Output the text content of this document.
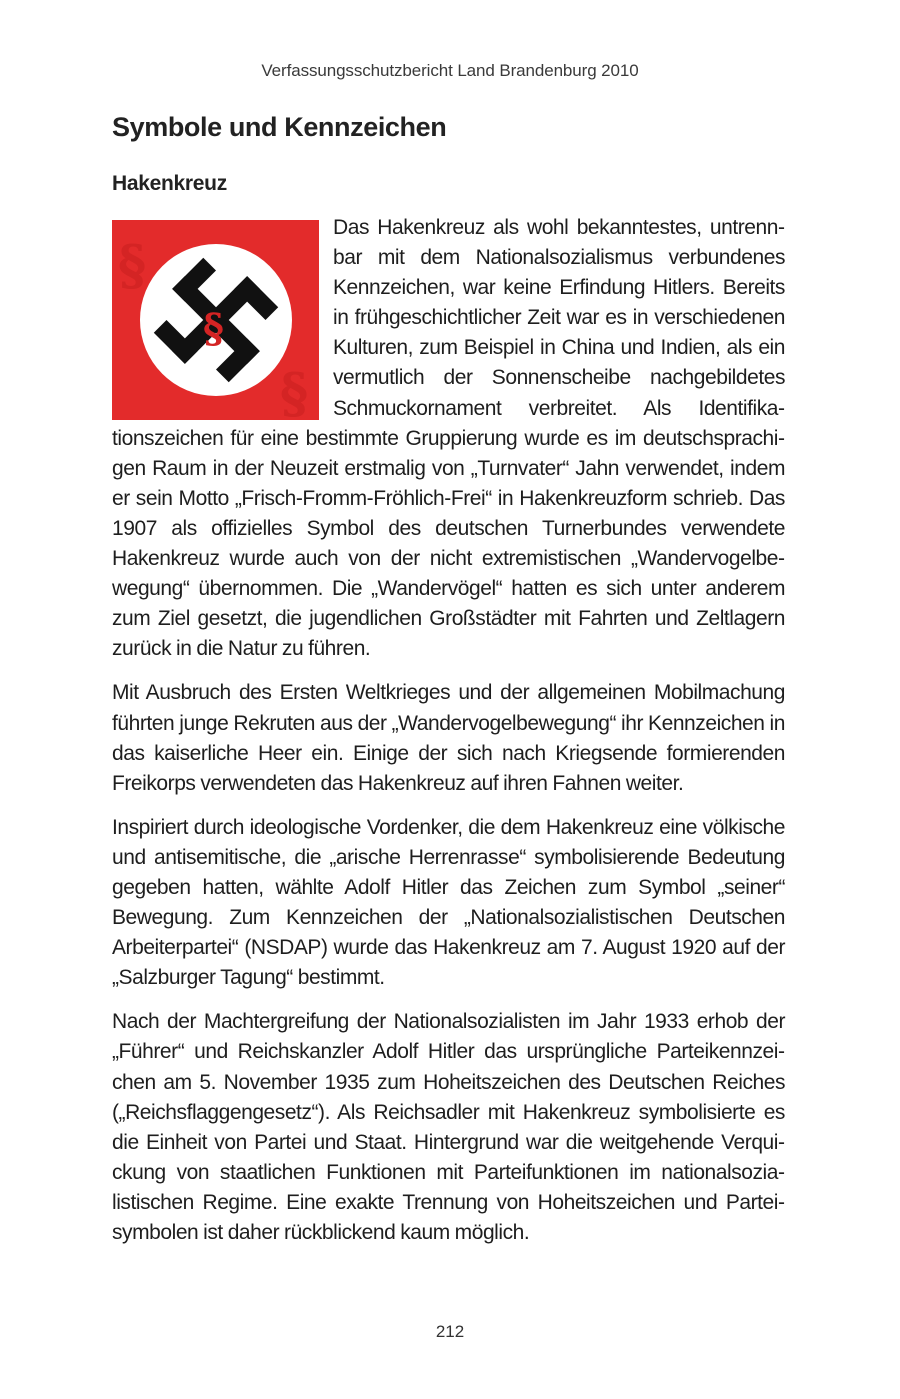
Verfassungsschutzbericht Land Brandenburg 2010
Symbole und Kennzeichen
Hakenkreuz
§
§
§

Das Hakenkreuz als wohl bekanntestes, untrennbar mit dem Nationalsozialismus verbundenes Kennzeichen, war keine Erfindung Hitlers. Bereits in frühgeschichtlicher Zeit war es in verschiedenen Kulturen, zum Beispiel in China und Indien, als ein vermutlich der Sonnenscheibe nachgebildetes Schmuckornament verbreitet. Als Identifikationszeichen für eine bestimmte Gruppierung wurde es im deutschsprachigen Raum in der Neuzeit erstmalig von „Turnvater“ Jahn verwendet, indem er sein Motto „Frisch-Fromm-Fröhlich-Frei“ in Hakenkreuzform schrieb. Das 1907 als offizielles Symbol des deutschen Turnerbundes verwendete Hakenkreuz wurde auch von der nicht extremistischen „Wandervogelbewegung“ übernommen. Die „Wandervögel“ hatten es sich unter anderem zum Ziel gesetzt, die jugendlichen Großstädter mit Fahrten und Zeltlagern zurück in die Natur zu führen.

Mit Ausbruch des Ersten Weltkrieges und der allgemeinen Mobilmachung führten junge Rekruten aus der „Wandervogelbewegung“ ihr Kennzeichen in das kaiserliche Heer ein. Einige der sich nach Kriegsende formierenden Freikorps verwendeten das Hakenkreuz auf ihren Fahnen weiter.

Inspiriert durch ideologische Vordenker, die dem Hakenkreuz eine völkische und antisemitische, die „arische Herrenrasse“ symbolisierende Bedeutung gegeben hatten, wählte Adolf Hitler das Zeichen zum Symbol „seiner“ Bewegung. Zum Kennzeichen der „Nationalsozialistischen Deutschen Arbeiterpartei“ (NSDAP) wurde das Hakenkreuz am 7. August 1920 auf der „Salzburger Tagung“ bestimmt.

Nach der Machtergreifung der Nationalsozialisten im Jahr 1933 erhob der „Führer“ und Reichskanzler Adolf Hitler das ursprüngliche Parteikennzeichen am 5. November 1935 zum Hoheitszeichen des Deutschen Reiches („Reichsflaggengesetz“). Als Reichsadler mit Hakenkreuz symbolisierte es die Einheit von Partei und Staat. Hintergrund war die weitgehende Verquickung von staatlichen Funktionen mit Parteifunktionen im nationalsozialistischen Regime. Eine exakte Trennung von Hoheitszeichen und Parteisymbolen ist daher rückblickend kaum möglich.

212
